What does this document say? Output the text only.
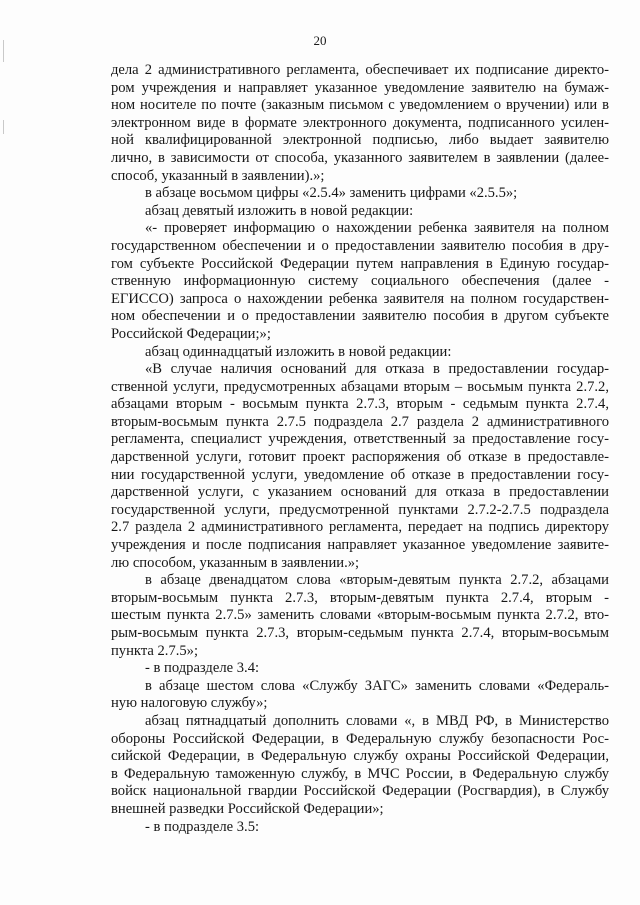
20
дела 2 административного регламента, обеспечивает их подписание директо-
ром учреждения и направляет указанное уведомление заявителю на бумаж-
ном носителе по почте (заказным письмом с уведомлением о вручении) или в
электронном виде в формате электронного документа, подписанного усилен-
ной квалифицированной электронной подписью, либо выдает заявителю
лично, в зависимости от способа, указанного заявителем в заявлении (далее-
способ, указанный в заявлении).»;
в абзаце восьмом цифры «2.5.4» заменить цифрами «2.5.5»;
абзац девятый изложить в новой редакции:
«- проверяет информацию о нахождении ребенка заявителя на полном
государственном обеспечении и о предоставлении заявителю пособия в дру-
гом субъекте Российской Федерации путем направления в Единую государ-
ственную информационную систему социального обеспечения (далее -
ЕГИССО) запроса о нахождении ребенка заявителя на полном государствен-
ном обеспечении и о предоставлении заявителю пособия в другом субъекте
Российской Федерации;»;
абзац одиннадцатый изложить в новой редакции:
«В случае наличия оснований для отказа в предоставлении государ-
ственной услуги, предусмотренных абзацами вторым – восьмым пункта 2.7.2,
абзацами вторым - восьмым пункта 2.7.3, вторым - седьмым пункта 2.7.4,
вторым-восьмым пункта 2.7.5 подраздела 2.7 раздела 2 административного
регламента, специалист учреждения, ответственный за предоставление госу-
дарственной услуги, готовит проект распоряжения об отказе в предоставле-
нии государственной услуги, уведомление об отказе в предоставлении госу-
дарственной услуги, с указанием оснований для отказа в предоставлении
государственной услуги, предусмотренной пунктами 2.7.2-2.7.5 подраздела
2.7 раздела 2 административного регламента, передает на подпись директору
учреждения и после подписания направляет указанное уведомление заявите-
лю способом, указанным в заявлении.»;
в абзаце двенадцатом слова «вторым-девятым пункта 2.7.2, абзацами
вторым-восьмым пункта 2.7.3, вторым-девятым пункта 2.7.4, вторым -
шестым пункта 2.7.5» заменить словами «вторым-восьмым пункта 2.7.2, вто-
рым-восьмым пункта 2.7.3, вторым-седьмым пункта 2.7.4, вторым-восьмым
пункта 2.7.5»;
- в подразделе 3.4:
в абзаце шестом слова «Службу ЗАГС» заменить словами «Федераль-
ную налоговую службу»;
абзац пятнадцатый дополнить словами «, в МВД РФ, в Министерство
обороны Российской Федерации, в Федеральную службу безопасности Рос-
сийской Федерации, в Федеральную службу охраны Российской Федерации,
в Федеральную таможенную службу, в МЧС России, в Федеральную службу
войск национальной гвардии Российской Федерации (Росгвардия), в Службу
внешней разведки Российской Федерации»;
- в подразделе 3.5:
